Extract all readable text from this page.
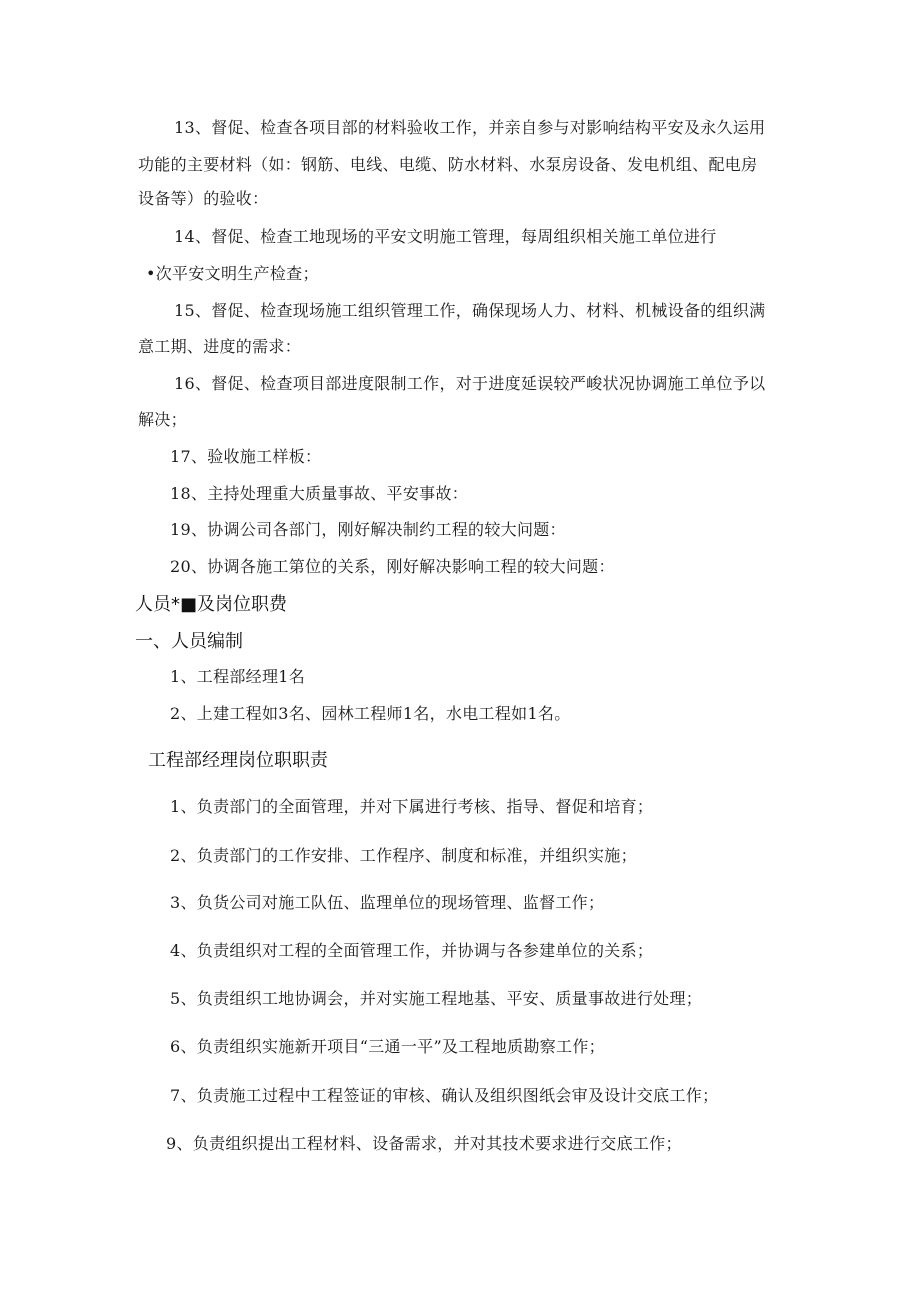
13、督促、检查各项目部的材料验收工作，并亲自参与对影响结构平安及永久运用
功能的主要材料（如：钢筋、电线、电缆、防水材料、水泵房设备、发电机组、配电房
设备等）的验收：
14、督促、检查工地现场的平安文明施工管理，每周组织相关施工单位进行
•次平安文明生产检查；
15、督促、检查现场施工组织管理工作，确保现场人力、材料、机械设备的组织满
意工期、进度的需求：
16、督促、检查项目部进度限制工作，对于进度延误较严峻状况协调施工单位予以
解决；
17、验收施工样板：
18、主持处理重大质量事故、平安事故：
19、协调公司各部门，刚好解决制约工程的较大问题：
20、协调各施工第位的关系，刚好解决影响工程的较大问题：
人员*■及岗位职费
一、人员编制
1、工程部经理1名
2、上建工程如3名、园林工程师1名，水电工程如1名。
工程部经理岗位职职责
1、负责部门的全面管理，并对下属进行考核、指导、督促和培育；
2、负责部门的工作安排、工作程序、制度和标准，并组织实施；
3、负货公司对施工队伍、监理单位的现场管理、监督工作；
4、负责组织对工程的全面管理工作，并协调与各参建单位的关系；
5、负责组织工地协调会，并对实施工程地基、平安、质量事故进行处理；
6、负责组织实施新开项目“三通一平”及工程地质勘察工作；
7、负责施工过程中工程签证的审核、确认及组织图纸会审及设计交底工作；
9、负责组织提出工程材料、设备需求，并对其技术要求进行交底工作；
